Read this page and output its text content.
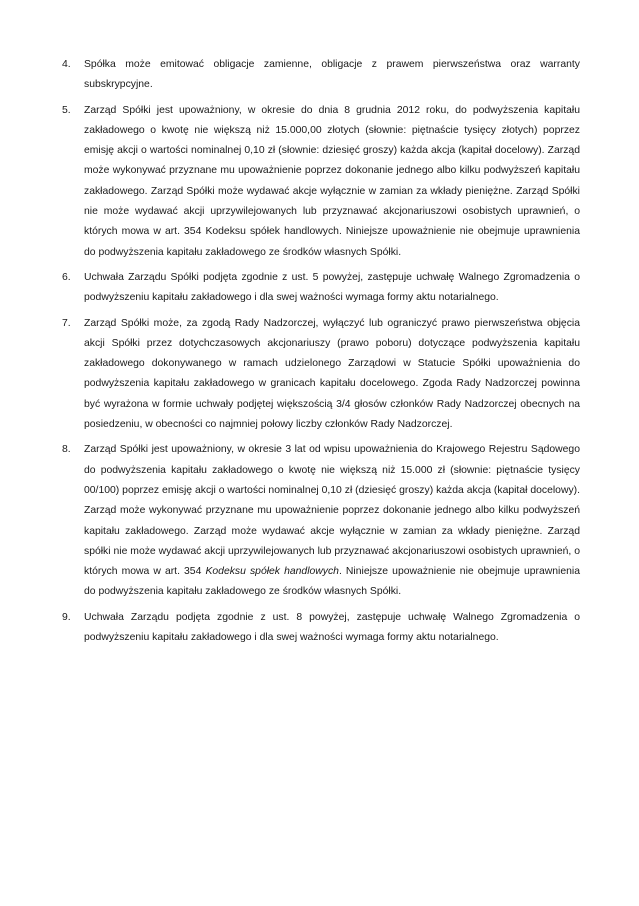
4. Spółka może emitować obligacje zamienne, obligacje z prawem pierwszeństwa oraz warranty subskrypcyjne.
5. Zarząd Spółki jest upoważniony, w okresie do dnia 8 grudnia 2012 roku, do podwyższenia kapitału zakładowego o kwotę nie większą niż 15.000,00 złotych (słownie: piętnaście tysięcy złotych) poprzez emisję akcji o wartości nominalnej 0,10 zł (słownie: dziesięć groszy) każda akcja (kapitał docelowy). Zarząd może wykonywać przyznane mu upoważnienie poprzez dokonanie jednego albo kilku podwyższeń kapitału zakładowego. Zarząd Spółki może wydawać akcje wyłącznie w zamian za wkłady pieniężne. Zarząd Spółki nie może wydawać akcji uprzywilejowanych lub przyznawać akcjonariuszowi osobistych uprawnień, o których mowa w art. 354 Kodeksu spółek handlowych. Niniejsze upoważnienie nie obejmuje uprawnienia do podwyższenia kapitału zakładowego ze środków własnych Spółki.
6. Uchwała Zarządu Spółki podjęta zgodnie z ust. 5 powyżej, zastępuje uchwałę Walnego Zgromadzenia o podwyższeniu kapitału zakładowego i dla swej ważności wymaga formy aktu notarialnego.
7. Zarząd Spółki może, za zgodą Rady Nadzorczej, wyłączyć lub ograniczyć prawo pierwszeństwa objęcia akcji Spółki przez dotychczasowych akcjonariuszy (prawo poboru) dotyczące podwyższenia kapitału zakładowego dokonywanego w ramach udzielonego Zarządowi w Statucie Spółki upoważnienia do podwyższenia kapitału zakładowego w granicach kapitału docelowego. Zgoda Rady Nadzorczej powinna być wyrażona w formie uchwały podjętej większością 3/4 głosów członków Rady Nadzorczej obecnych na posiedzeniu, w obecności co najmniej połowy liczby członków Rady Nadzorczej.
8. Zarząd Spółki jest upoważniony, w okresie 3 lat od wpisu upoważnienia do Krajowego Rejestru Sądowego do podwyższenia kapitału zakładowego o kwotę nie większą niż 15.000 zł (słownie: piętnaście tysięcy 00/100) poprzez emisję akcji o wartości nominalnej 0,10 zł (dziesięć groszy) każda akcja (kapitał docelowy). Zarząd może wykonywać przyznane mu upoważnienie poprzez dokonanie jednego albo kilku podwyższeń kapitału zakładowego. Zarząd może wydawać akcje wyłącznie w zamian za wkłady pieniężne. Zarząd spółki nie może wydawać akcji uprzywilejowanych lub przyznawać akcjonariuszowi osobistych uprawnień, o których mowa w art. 354 Kodeksu spółek handlowych. Niniejsze upoważnienie nie obejmuje uprawnienia do podwyższenia kapitału zakładowego ze środków własnych Spółki.
9. Uchwała Zarządu podjęta zgodnie z ust. 8 powyżej, zastępuje uchwałę Walnego Zgromadzenia o podwyższeniu kapitału zakładowego i dla swej ważności wymaga formy aktu notarialnego.
